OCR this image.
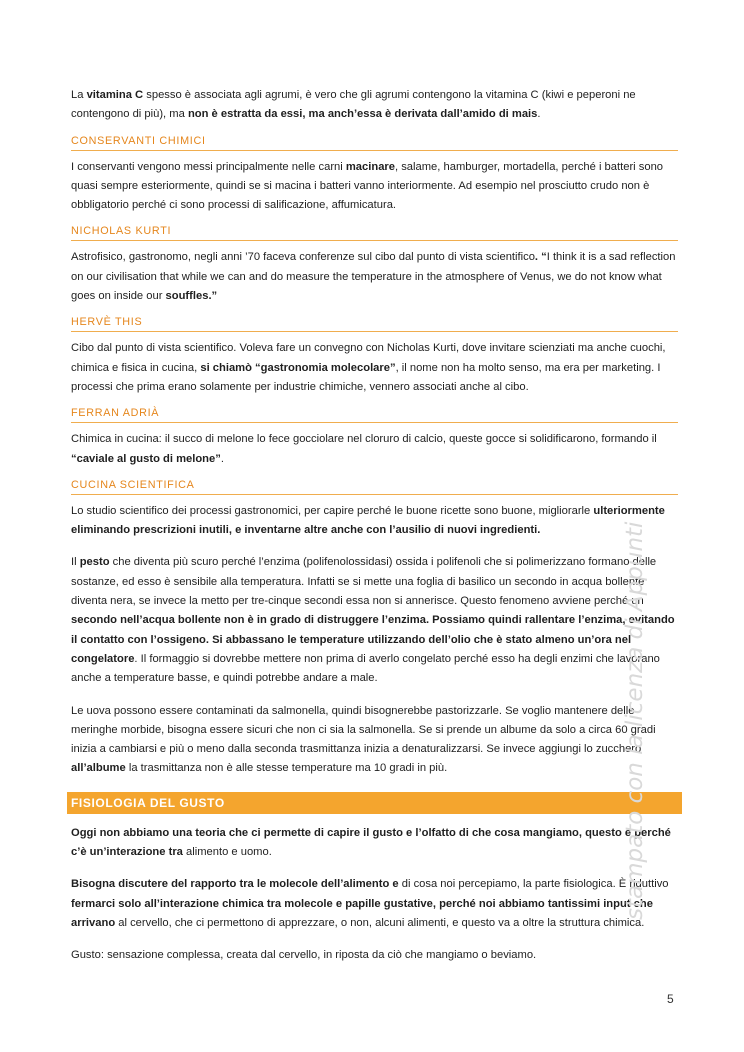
La vitamina C spesso è associata agli agrumi, è vero che gli agrumi contengono la vitamina C (kiwi e peperoni ne contengono di più), ma non è estratta da essi, ma anch’essa è derivata dall’amido di mais.

CONSERVANTI CHIMICI

I conservanti vengono messi principalmente nelle carni macinare, salame, hamburger, mortadella, perché i batteri sono quasi sempre esteriormente, quindi se si macina i batteri vanno interiormente. Ad esempio nel prosciutto crudo non è obbligatorio perché ci sono processi di salificazione, affumicatura.

NICHOLAS KURTI

Astrofisico, gastronomo, negli anni ’70 faceva conferenze sul cibo dal punto di vista scientifico. “I think it is a sad reflection on our civilisation that while we can and do measure the temperature in the atmosphere of Venus, we do not know what goes on inside our souffles.”

HERVÈ THIS

Cibo dal punto di vista scientifico. Voleva fare un convegno con Nicholas Kurti, dove invitare scienziati ma anche cuochi, chimica e fisica in cucina, si chiamò “gastronomia molecolare”, il nome non ha molto senso, ma era per marketing. I processi che prima erano solamente per industrie chimiche, vennero associati anche al cibo.

FERRAN ADRIÀ

Chimica in cucina: il succo di melone lo fece gocciolare nel cloruro di calcio, queste gocce si solidificarono, formando il “caviale al gusto di melone”.

CUCINA SCIENTIFICA

Lo studio scientifico dei processi gastronomici, per capire perché le buone ricette sono buone, migliorarle ulteriormente eliminando prescrizioni inutili, e inventarne altre anche con l’ausilio di nuovi ingredienti.

Il pesto che diventa più scuro perché l’enzima (polifenolossidasi) ossida i polifenoli che si polimerizzano formano delle sostanze, ed esso è sensibile alla temperatura. Infatti se si mette una foglia di basilico un secondo in acqua bollente diventa nera, se invece la metto per tre-cinque secondi essa non si annerisce. Questo fenomeno avviene perché un secondo nell’acqua bollente non è in grado di distruggere l’enzima. Possiamo quindi rallentare l’enzima, evitando il contatto con l’ossigeno. Si abbassano le temperature utilizzando dell’olio che è stato almeno un’ora nel congelatore. Il formaggio si dovrebbe mettere non prima di averlo congelato perché esso ha degli enzimi che lavorano anche a temperature basse, e quindi potrebbe andare a male.

Le uova possono essere contaminati da salmonella, quindi bisognerebbe pastorizzarle. Se voglio mantenere delle meringhe morbide, bisogna essere sicuri che non ci sia la salmonella. Se si prende un albume da solo a circa 60 gradi inizia a cambiarsi e più o meno dalla seconda trasmittanza inizia a denaturalizzarsi. Se invece aggiungi lo zucchero all’albume la trasmittanza non è alle stesse temperature ma 10 gradi in più.

FISIOLOGIA DEL GUSTO

Oggi non abbiamo una teoria che ci permette di capire il gusto e l’olfatto di che cosa mangiamo, questo è perché c’è un’interazione tra alimento e uomo.

Bisogna discutere del rapporto tra le molecole dell’alimento e di cosa noi percepiamo, la parte fisiologica. È riduttivo fermarci solo all’interazione chimica tra molecole e papille gustative, perché noi abbiamo tantissimi input che arrivano al cervello, che ci permettono di apprezzare, o non, alcuni alimenti, e questo va a oltre la struttura chimica.

Gusto: sensazione complessa, creata dal cervello, in riposta da ciò che mangiamo o beviamo.

stampato con la licenza di Appunti
5
